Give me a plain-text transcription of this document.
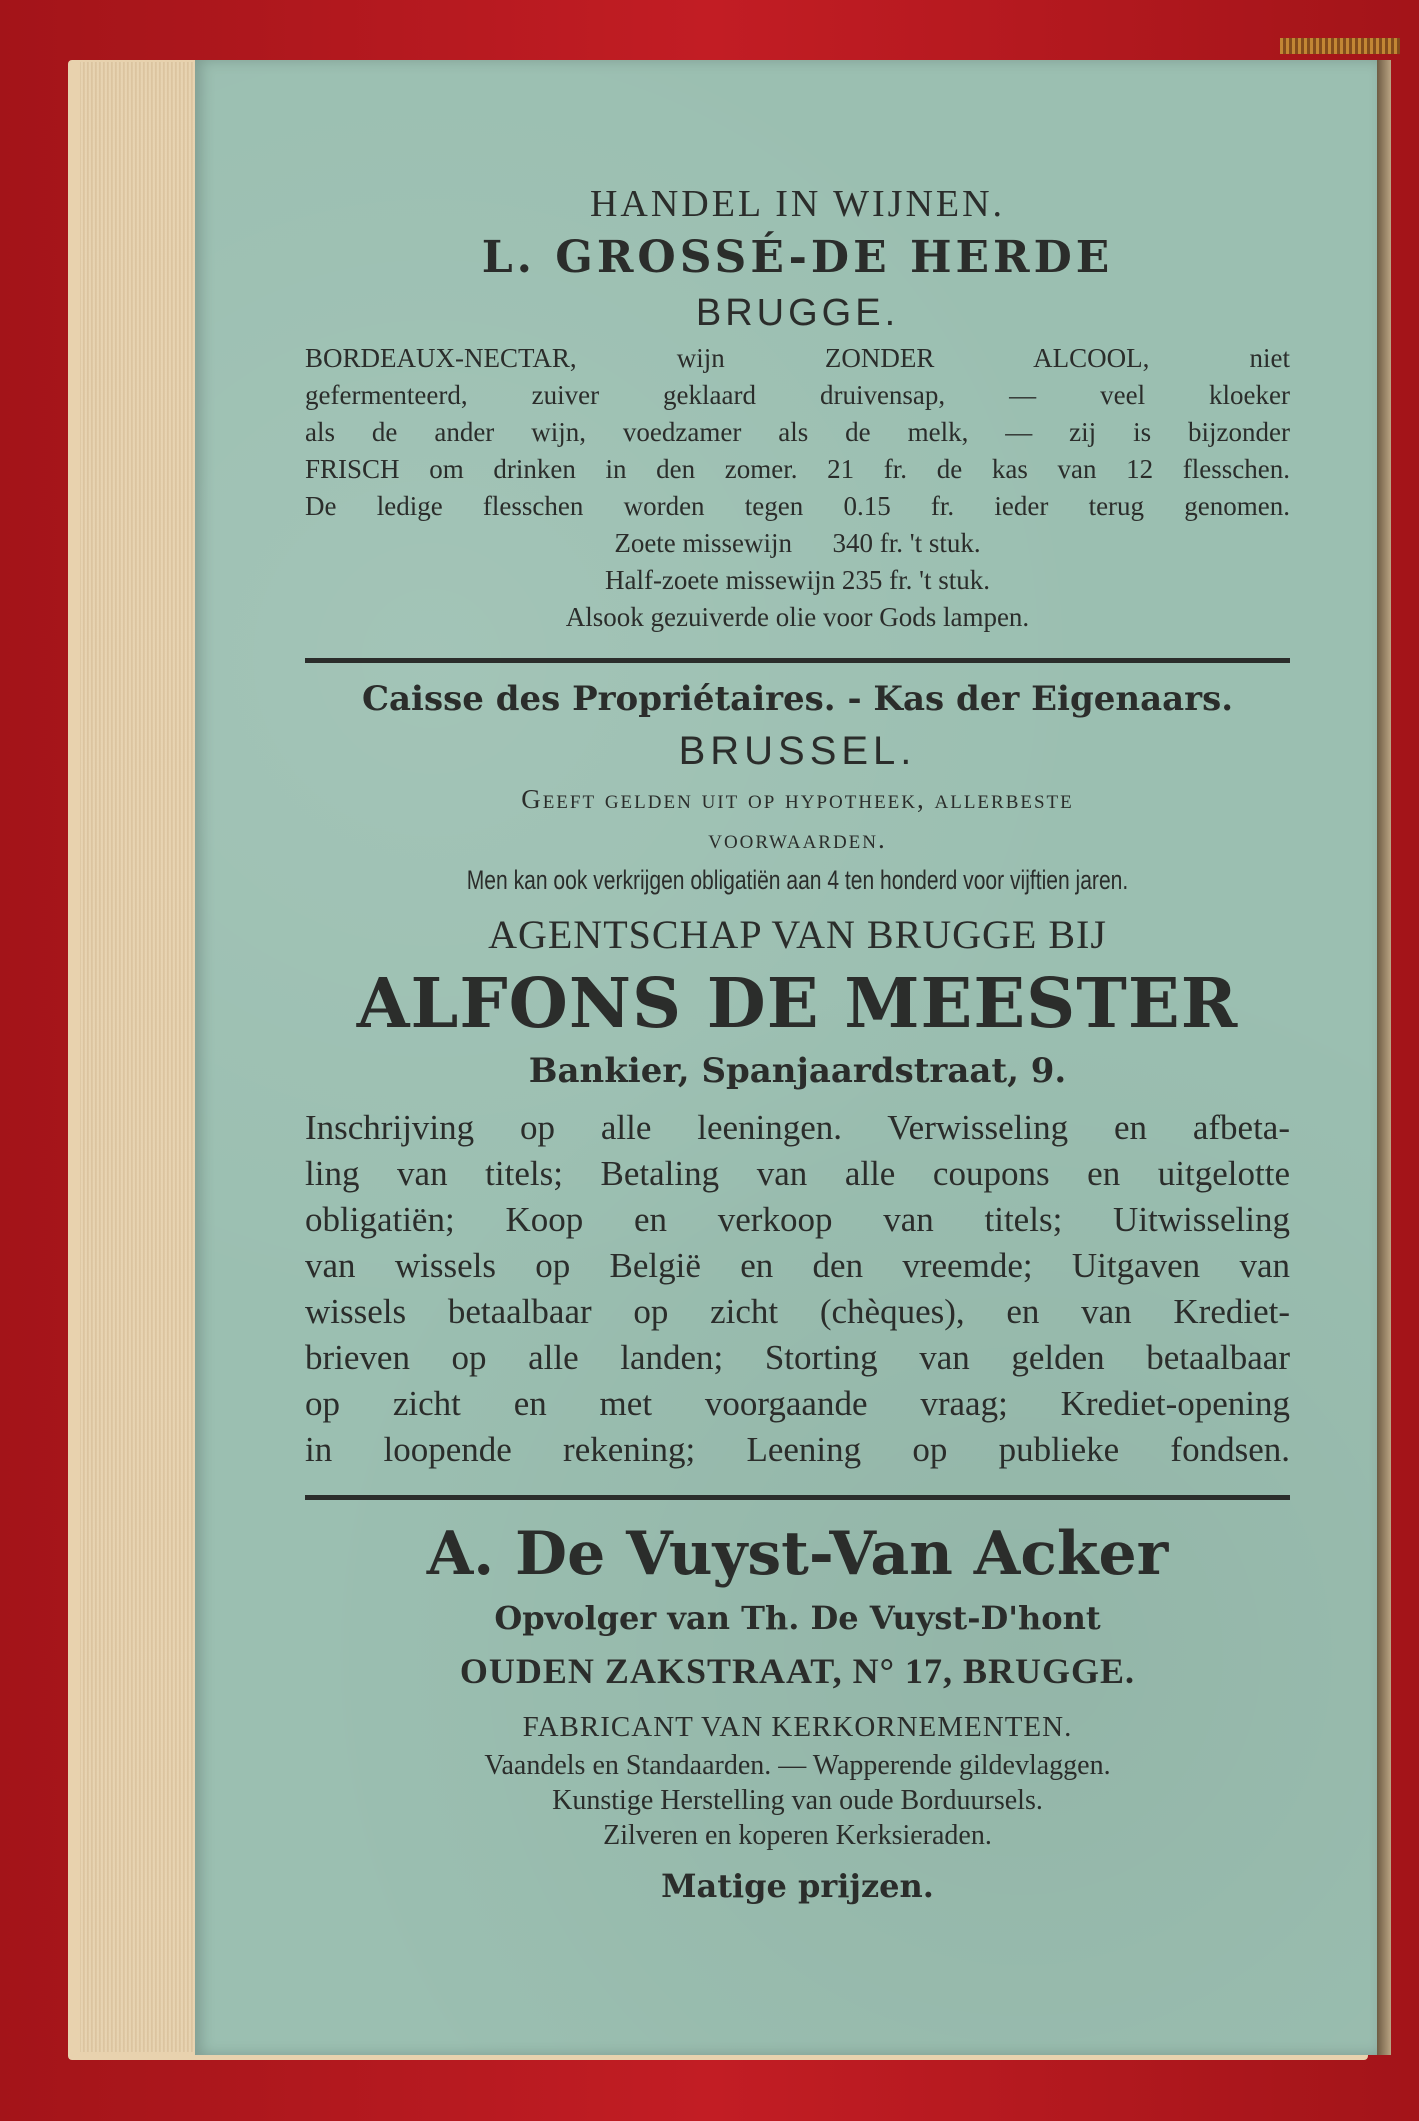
HANDEL IN WIJNEN.
L. GROSSÉ-DE HERDE
BRUGGE.

BORDEAUX-NECTAR, wijn ZONDER ALCOOL, niet

gefermenteerd, zuiver geklaard druivensap, — veel kloeker

als de ander wijn, voedzamer als de melk, — zij is bijzonder

FRISCH om drinken in den zomer. 21 fr. de kas van 12 flesschen.

De ledige flesschen worden tegen 0.15 fr. ieder terug genomen.

Zoete missewijn      340 fr. 't stuk.

Half-zoete missewijn 235 fr. 't stuk.

Alsook gezuiverde olie voor Gods lampen.

Caisse des Propriétaires. - Kas der Eigenaars.
BRUSSEL.
Geeft gelden uit op hypotheek, allerbeste
voorwaarden.
Men kan ook verkrijgen obligatiën aan 4 ten honderd voor vijftien jaren.
AGENTSCHAP VAN BRUGGE BIJ
ALFONS DE MEESTER
Bankier, Spanjaardstraat, 9.

Inschrijving op alle leeningen. Verwisseling en afbeta-

ling van titels; Betaling van alle coupons en uitgelotte

obligatiën; Koop en verkoop van titels; Uitwisseling

van wissels op België en den vreemde; Uitgaven van

wissels betaalbaar op zicht (chèques), en van Krediet-

brieven op alle landen; Storting van gelden betaalbaar

op zicht en met voorgaande vraag; Krediet-opening

in loopende rekening; Leening op publieke fondsen.

A. De Vuyst-Van Acker
Opvolger van Th. De Vuyst-D'hont
OUDEN ZAKSTRAAT, N° 17, BRUGGE.
FABRICANT VAN KERKORNEMENTEN.

Vaandels en Standaarden. — Wapperende gildevlaggen.

Kunstige Herstelling van oude Borduursels.

Zilveren en koperen Kerksieraden.

Matige prijzen.
